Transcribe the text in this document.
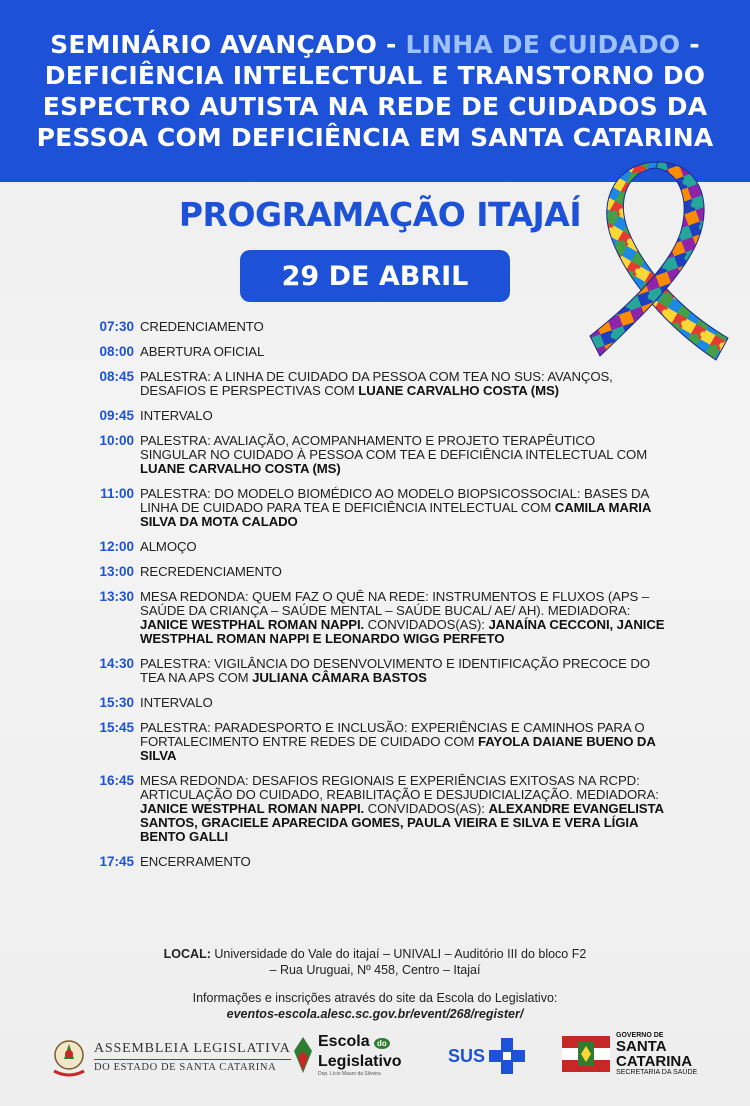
SEMINÁRIO AVANÇADO - LINHA DE CUIDADO -
DEFICIÊNCIA INTELECTUAL E TRANSTORNO DO
ESPECTRO AUTISTA NA REDE DE CUIDADOS DA
PESSOA COM DEFICIÊNCIA EM SANTA CATARINA
PROGRAMAÇÃO ITAJAÍ
29 DE ABRIL
07:30 CREDENCIAMENTO
08:00 ABERTURA OFICIAL
08:45 PALESTRA: A LINHA DE CUIDADO DA PESSOA COM TEA NO SUS: AVANÇOS, DESAFIOS E PERSPECTIVAS COM LUANE CARVALHO COSTA (MS)
09:45 INTERVALO
10:00 PALESTRA: AVALIAÇÃO, ACOMPANHAMENTO E PROJETO TERAPÊUTICO SINGULAR NO CUIDADO À PESSOA COM TEA E DEFICIÊNCIA INTELECTUAL COM LUANE CARVALHO COSTA (MS)
11:00 PALESTRA: DO MODELO BIOMÉDICO AO MODELO BIOPSICOSSOCIAL: BASES DA LINHA DE CUIDADO PARA TEA E DEFICIÊNCIA INTELECTUAL COM CAMILA MARIA SILVA DA MOTA CALADO
12:00 ALMOÇO
13:00 RECREDENCIAMENTO
13:30 MESA REDONDA: QUEM FAZ O QUÊ NA REDE: INSTRUMENTOS E FLUXOS (APS – SAÚDE DA CRIANÇA – SAÚDE MENTAL – SAÚDE BUCAL/ AE/ AH). MEDIADORA: JANICE WESTPHAL ROMAN NAPPI. CONVIDADOS(AS): JANAÍNA CECCONI, JANICE WESTPHAL ROMAN NAPPI E LEONARDO WIGG PERFETO
14:30 PALESTRA: VIGILÂNCIA DO DESENVOLVIMENTO E IDENTIFICAÇÃO PRECOCE DO TEA NA APS COM JULIANA CÂMARA BASTOS
15:30 INTERVALO
15:45 PALESTRA: PARADESPORTO E INCLUSÃO: EXPERIÊNCIAS E CAMINHOS PARA O FORTALECIMENTO ENTRE REDES DE CUIDADO COM FAYOLA DAIANE BUENO DA SILVA
16:45 MESA REDONDA: DESAFIOS REGIONAIS E EXPERIÊNCIAS EXITOSAS NA RCPD: ARTICULAÇÃO DO CUIDADO, REABILITAÇÃO E DESJUDICIALIZAÇÃO. MEDIADORA: JANICE WESTPHAL ROMAN NAPPI. CONVIDADOS(AS): ALEXANDRE EVANGELISTA SANTOS, GRACIELE APARECIDA GOMES, PAULA VIEIRA E SILVA E VERA LÍGIA BENTO GALLI
17:45 ENCERRAMENTO
LOCAL: Universidade do Vale do itajaí – UNIVALI – Auditório III do bloco F2
– Rua Uruguai, Nº 458, Centro – Itajaí
Informações e inscrições através do site da Escola do Legislativo:
eventos-escola.alesc.sc.gov.br/event/268/register/
ASSEMBLEIA LEGISLATIVA
DO ESTADO DE SANTA CATARINA
Escola do
Legislativo
Dep. Lício Mauro da Silveira
SUS
GOVERNO DE
SANTA
CATARINA
SECRETARIA DA SAÚDE
